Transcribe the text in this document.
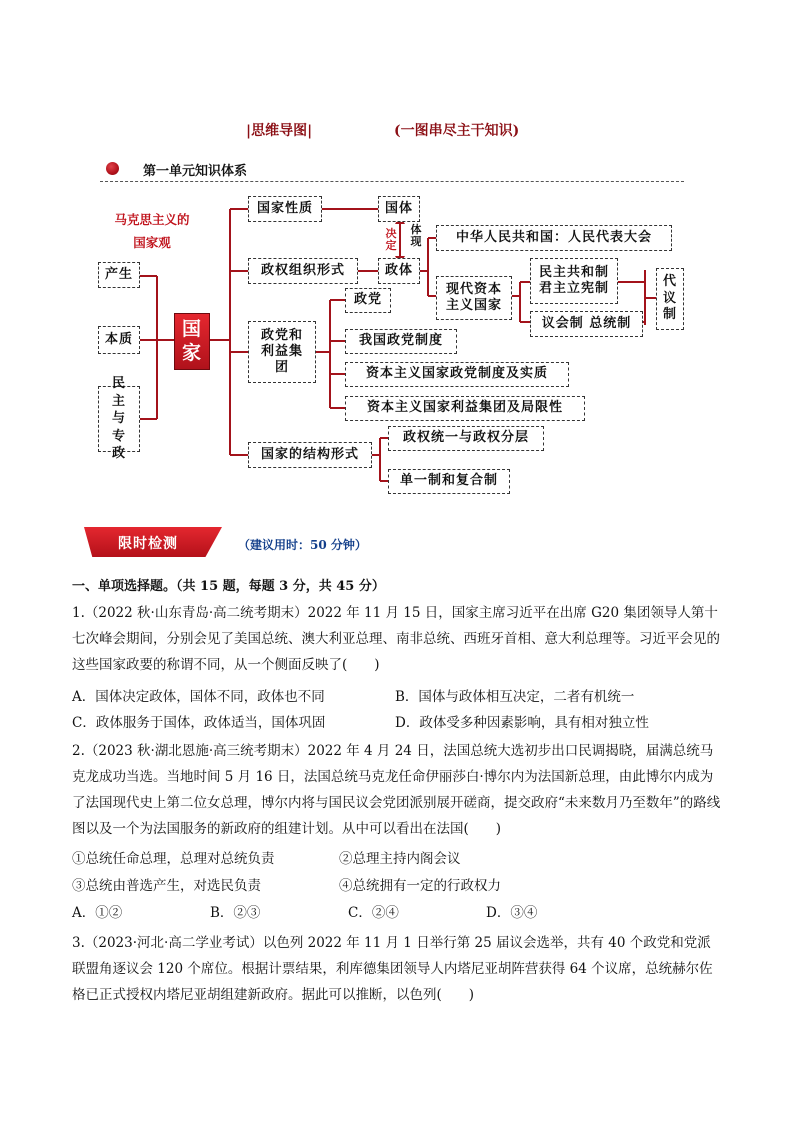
|思维导图|	(一图串尽主干知识)
第一单元知识体系
马克思主义的
国家观
产生
本质
民主与专政
国家
国家性质
政权组织形式
政党和利益集团
国家的结构形式
国体
政体
决定
体现	中华人民共和国：人民代表大会
现代资本主义国家
民主共和制
君主立宪制
议会制 总统制
代议制
政党
我国政党制度
资本主义国家政党制度及实质
资本主义国家利益集团及局限性
政权统一与政权分层
单一制和复合制
限时检测	（建议用时：50 分钟）
一、单项选择题。（共 15 题，每题 3 分，共 45 分）
1.（2022 秋·山东青岛·高二统考期末）2022 年 11 月 15 日，国家主席习近平在出席 G20 集团领导人第十七次峰会期间，分别会见了美国总统、澳大利亚总理、南非总统、西班牙首相、意大利总理等。习近平会见的这些国家政要的称谓不同，从一个侧面反映了(　　)
A．国体决定政体，国体不同，政体也不同	B．国体与政体相互决定，二者有机统一
C．政体服务于国体，政体适当，国体巩固	D．政体受多种因素影响，具有相对独立性
2.（2023 秋·湖北恩施·高三统考期末）2022 年 4 月 24 日，法国总统大选初步出口民调揭晓，届满总统马克龙成功当选。当地时间 5 月 16 日，法国总统马克龙任命伊丽莎白·博尔内为法国新总理，由此博尔内成为了法国现代史上第二位女总理，博尔内将与国民议会党团派别展开磋商，提交政府“未来数月乃至数年”的路线图以及一个为法国服务的新政府的组建计划。从中可以看出在法国(　　)
①总统任命总理，总理对总统负责	②总理主持内阁会议
③总统由普选产生，对选民负责	④总统拥有一定的行政权力
A．①②	B．②③	C．②④	D．③④
3.（2023·河北·高二学业考试）以色列 2022 年 11 月 1 日举行第 25 届议会选举，共有 40 个政党和党派联盟角逐议会 120 个席位。根据计票结果，利库德集团领导人内塔尼亚胡阵营获得 64 个议席，总统赫尔佐格已正式授权内塔尼亚胡组建新政府。据此可以推断，以色列(　　)
